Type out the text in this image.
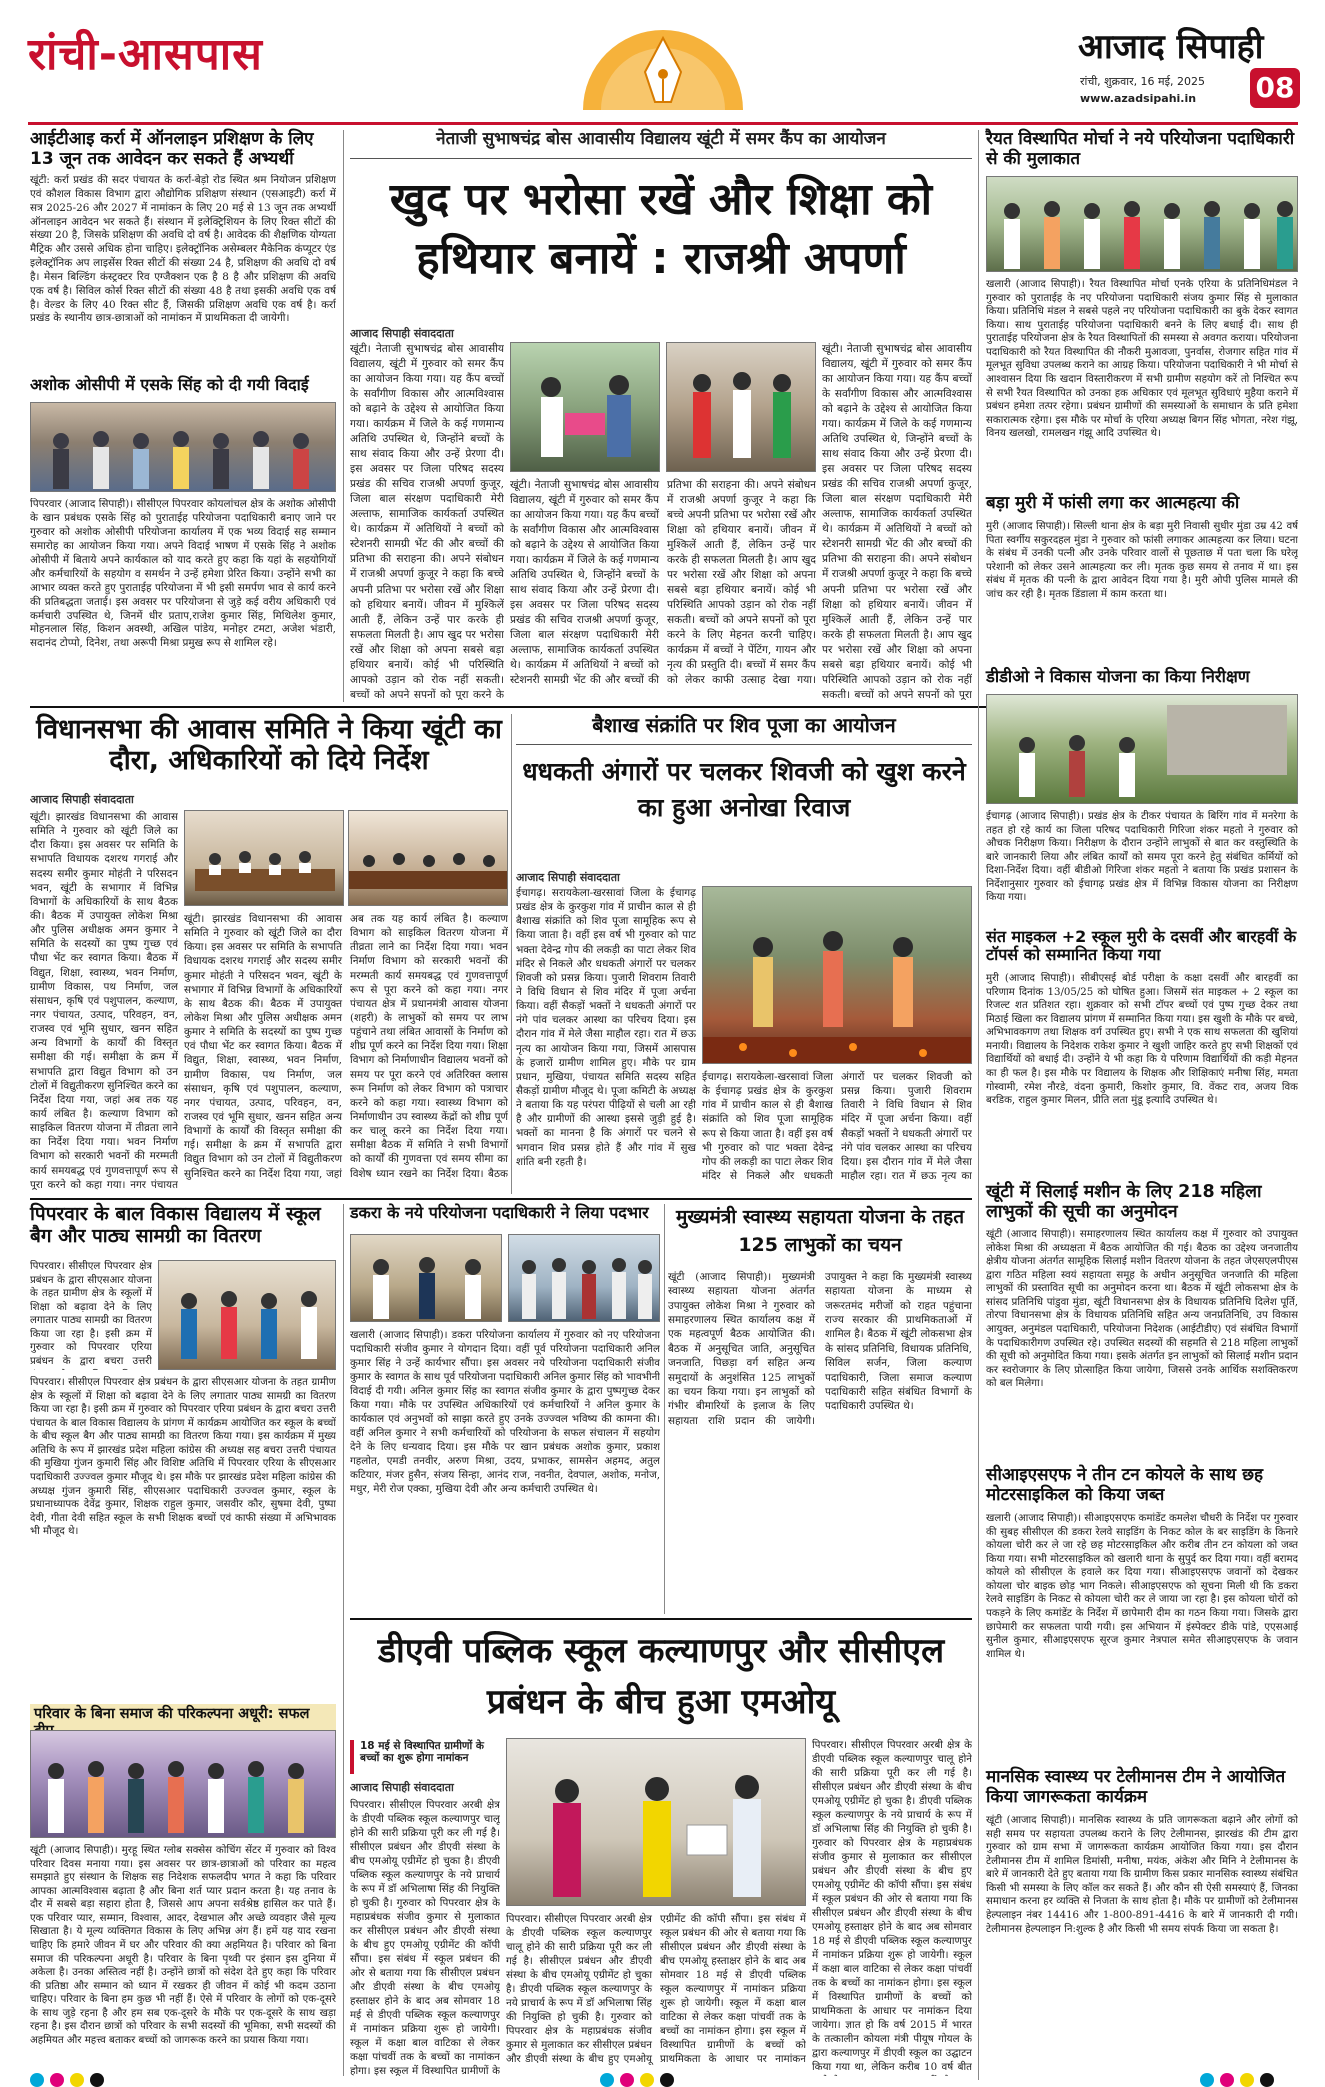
रांची-आसपास	आजाद सिपाही
रांची, शुक्रवार, 16 मई, 2025
www.azadsipahi.in 08
आईटीआइ कर्रा में ऑनलाइन प्रशिक्षण के लिए 13 जून तक आवेदन कर सकते हैं अभ्यर्थी
खूंटी: कर्रा प्रखंड की सदर पंचायत के कर्रा-बेड़ो रोड स्थित श्रम नियोजन प्रशिक्षण एवं कौशल विकास विभाग द्वारा औद्योगिक प्रशिक्षण संस्थान (एसआइटी) कर्रा में सत्र 2025-26 और 2027 में नामांकन के लिए 20 मई से 13 जून तक अभ्यर्थी ऑनलाइन आवेदन भर सकते हैं। संस्थान में इलेक्ट्रिशियन के लिए रिक्त सीटों की संख्या 20 है, जिसके प्रशिक्षण की अवधि दो वर्ष है। आवेदक की शैक्षणिक योग्यता मैट्रिक और उससे अधिक होना चाहिए। इलेक्ट्रॉनिक असेम्बलर मैकेनिक कंप्यूटर एंड इलेक्ट्रॉनिक अप लाइसेंस रिक्त सीटों की संख्या 24 है, प्रशिक्षण की अवधि दो वर्ष है। मेसन बिल्डिंग कंस्ट्रक्टर रिव एग्जैक्शन एक है 8 है और प्रशिक्षण की अवधि एक वर्ष है। सिविल कोर्स रिक्त सीटों की संख्या 48 है तथा इसकी अवधि एक वर्ष है। वेल्डर के लिए 40 रिक्त सीट हैं, जिसकी प्रशिक्षण अवधि एक वर्ष है। कर्रा प्रखंड के स्थानीय छात्र-छात्राओं को नामांकन में प्राथमिकता दी जायेगी।
अशोक ओसीपी में एसके सिंह को दी गयी विदाई
पिपरवार (आजाद सिपाही)। सीसीएल पिपरवार कोयलांचल क्षेत्र के अशोक ओसीपी के खान प्रबंधक एसके सिंह को पुराताईह परियोजना पदाधिकारी बनाए जाने पर गुरुवार को अशोक ओसीपी परियोजना कार्यालय में एक भव्य विदाई सह सम्मान समारोह का आयोजन किया गया। अपने विदाई भाषण में एसके सिंह ने अशोक ओसीपी में बिताये अपने कार्यकाल को याद करते हुए कहा कि यहां के सहयोगियों और कर्मचारियों के सहयोग व समर्थन ने उन्हें हमेशा प्रेरित किया। उन्होंने सभी का आभार व्यक्त करते हुए पुराताईह परियोजना में भी इसी समर्पण भाव से कार्य करने की प्रतिबद्धता जताई। इस अवसर पर परियोजना से जुड़े कई वरीय अधिकारी एवं कर्मचारी उपस्थित थे, जिनमें धीर प्रताप,राजेश कुमार सिंह, मिथिलेश कुमार, मोहनलाल सिंह, किशन अवस्थी, अखिल पांडेय, मनोहर टमटा, अजेश भंडारी, सदानंद टोप्पो, दिनेश, तथा अरूपी मिश्रा प्रमुख रूप से शामिल रहे।
विधानसभा की आवास समिति ने किया खूंटी का दौरा, अधिकारियों को दिये निर्देश
आजाद सिपाही संवाददाता
खूंटी। झारखंड विधानसभा की आवास समिति ने गुरुवार को खूंटी जिले का दौरा किया। इस अवसर पर समिति के सभापति विधायक दशरथ गगराई और सदस्य समीर कुमार मोहंती ने परिसदन भवन, खूंटी के सभागार में विभिन्न विभागों के अधिकारियों के साथ बैठक की। बैठक में उपायुक्त लोकेश मिश्रा और पुलिस अधीक्षक अमन कुमार ने समिति के सदस्यों का पुष्प गुच्छ एवं पौधा भेंट कर स्वागत किया। बैठक में विद्युत, शिक्षा, स्वास्थ्य, भवन निर्माण, ग्रामीण विकास, पथ निर्माण, जल संसाधन, कृषि एवं पशुपालन, कल्याण, नगर पंचायत, उत्पाद, परिवहन, वन, राजस्व एवं भूमि सुधार, खनन सहित अन्य विभागों के कार्यों की विस्तृत समीक्षा की गई। समीक्षा के क्रम में सभापति द्वारा विद्युत विभाग को उन टोलों में विद्युतीकरण सुनिश्चित करने का निर्देश दिया गया, जहां अब तक यह कार्य लंबित है। कल्याण विभाग को साइकिल वितरण योजना में तीव्रता लाने का निर्देश दिया गया। भवन निर्माण विभाग को सरकारी भवनों की मरम्मती कार्य समयबद्ध एवं गुणवत्तापूर्ण रूप से पूरा करने को कहा गया। नगर पंचायत
खूंटी। झारखंड विधानसभा की आवास समिति ने गुरुवार को खूंटी जिले का दौरा किया। इस अवसर पर समिति के सभापति विधायक दशरथ गगराई और सदस्य समीर कुमार मोहंती ने परिसदन भवन, खूंटी के सभागार में विभिन्न विभागों के अधिकारियों के साथ बैठक की। बैठक में उपायुक्त लोकेश मिश्रा और पुलिस अधीक्षक अमन कुमार ने समिति के सदस्यों का पुष्प गुच्छ एवं पौधा भेंट कर स्वागत किया। बैठक में विद्युत, शिक्षा, स्वास्थ्य, भवन निर्माण, ग्रामीण विकास, पथ निर्माण, जल संसाधन, कृषि एवं पशुपालन, कल्याण, नगर पंचायत, उत्पाद, परिवहन, वन, राजस्व एवं भूमि सुधार, खनन सहित अन्य विभागों के कार्यों की विस्तृत समीक्षा की गई। समीक्षा के क्रम में सभापति द्वारा विद्युत विभाग को उन टोलों में विद्युतीकरण सुनिश्चित करने का निर्देश दिया गया, जहां अब तक यह कार्य लंबित है। कल्याण विभाग को साइकिल वितरण योजना में तीव्रता लाने का निर्देश दिया गया। भवन निर्माण विभाग को सरकारी भवनों की मरम्मती कार्य समयबद्ध एवं गुणवत्तापूर्ण रूप से पूरा करने को कहा गया। नगर पंचायत क्षेत्र में प्रधानमंत्री आवास योजना (शहरी) के लाभुकों को समय पर लाभ पहुंचाने तथा लंबित आवासों के निर्माण को शीघ्र पूर्ण करने का निर्देश दिया गया। शिक्षा विभाग को निर्माणाधीन विद्यालय भवनों को समय पर पूरा करने एवं अतिरिक्त क्लास रूम निर्माण को लेकर विभाग को पत्राचार करने को कहा गया। स्वास्थ्य विभाग को निर्माणाधीन उप स्वास्थ्य केंद्रों को शीघ्र पूर्ण कर चालू करने का निर्देश दिया गया। समीक्षा बैठक में समिति ने सभी विभागों को कार्यों की गुणवत्ता एवं समय सीमा का विशेष ध्यान रखने का निर्देश दिया। बैठक
नेताजी सुभाषचंद्र बोस आवासीय विद्यालय खूंटी में समर कैंप का आयोजन
खुद पर भरोसा रखें और शिक्षा को हथियार बनायें : राजश्री अपर्णा
आजाद सिपाही संवाददाता
खूंटी। नेताजी सुभाषचंद्र बोस आवासीय विद्यालय, खूंटी में गुरुवार को समर कैंप का आयोजन किया गया। यह कैंप बच्चों के सर्वांगीण विकास और आत्मविश्वास को बढ़ाने के उद्देश्य से आयोजित किया गया। कार्यक्रम में जिले के कई गणमान्य अतिथि उपस्थित थे, जिन्होंने बच्चों के साथ संवाद किया और उन्हें प्रेरणा दी। इस अवसर पर जिला परिषद सदस्य प्रखंड की सचिव राजश्री अपर्णा कुजूर, जिला बाल संरक्षण पदाधिकारी मेरी अल्ताफ, सामाजिक कार्यकर्ता उपस्थित थे। कार्यक्रम में अतिथियों ने बच्चों को स्टेशनरी सामग्री भेंट की और बच्चों की प्रतिभा की सराहना की। अपने संबोधन में राजश्री अपर्णा कुजूर ने कहा कि बच्चे अपनी प्रतिभा पर भरोसा रखें और शिक्षा को हथियार बनायें। जीवन में मुश्किलें आती हैं, लेकिन उन्हें पार करके ही सफलता मिलती है। आप खुद पर भरोसा रखें और शिक्षा को अपना सबसे बड़ा हथियार बनायें। कोई भी परिस्थिति आपको उड़ान को रोक नहीं सकती। बच्चों को अपने सपनों को पूरा करने के
खूंटी। नेताजी सुभाषचंद्र बोस आवासीय विद्यालय, खूंटी में गुरुवार को समर कैंप का आयोजन किया गया। यह कैंप बच्चों के सर्वांगीण विकास और आत्मविश्वास को बढ़ाने के उद्देश्य से आयोजित किया गया। कार्यक्रम में जिले के कई गणमान्य अतिथि उपस्थित थे, जिन्होंने बच्चों के साथ संवाद किया और उन्हें प्रेरणा दी। इस अवसर पर जिला परिषद सदस्य प्रखंड की सचिव राजश्री अपर्णा कुजूर, जिला बाल संरक्षण पदाधिकारी मेरी अल्ताफ, सामाजिक कार्यकर्ता उपस्थित थे। कार्यक्रम में अतिथियों ने बच्चों को स्टेशनरी सामग्री भेंट की और बच्चों की प्रतिभा की सराहना की। अपने संबोधन में राजश्री अपर्णा कुजूर ने कहा कि बच्चे अपनी प्रतिभा पर भरोसा रखें और शिक्षा को हथियार बनायें। जीवन में मुश्किलें आती हैं, लेकिन उन्हें पार करके ही सफलता मिलती है। आप खुद पर भरोसा रखें और शिक्षा को अपना सबसे बड़ा हथियार बनायें। कोई भी परिस्थिति आपको उड़ान को रोक नहीं सकती। बच्चों को अपने सपनों को पूरा करने के लिए मेहनत करनी चाहिए। कार्यक्रम में बच्चों ने पेंटिंग, गायन और नृत्य की प्रस्तुति दी। बच्चों में समर कैंप को लेकर काफी उत्साह देखा गया।
खूंटी। नेताजी सुभाषचंद्र बोस आवासीय विद्यालय, खूंटी में गुरुवार को समर कैंप का आयोजन किया गया। यह कैंप बच्चों के सर्वांगीण विकास और आत्मविश्वास को बढ़ाने के उद्देश्य से आयोजित किया गया। कार्यक्रम में जिले के कई गणमान्य अतिथि उपस्थित थे, जिन्होंने बच्चों के साथ संवाद किया और उन्हें प्रेरणा दी। इस अवसर पर जिला परिषद सदस्य प्रखंड की सचिव राजश्री अपर्णा कुजूर, जिला बाल संरक्षण पदाधिकारी मेरी अल्ताफ, सामाजिक कार्यकर्ता उपस्थित थे। कार्यक्रम में अतिथियों ने बच्चों को स्टेशनरी सामग्री भेंट की और बच्चों की प्रतिभा की सराहना की। अपने संबोधन में राजश्री अपर्णा कुजूर ने कहा कि बच्चे अपनी प्रतिभा पर भरोसा रखें और शिक्षा को हथियार बनायें। जीवन में मुश्किलें आती हैं, लेकिन उन्हें पार करके ही सफलता मिलती है। आप खुद पर भरोसा रखें और शिक्षा को अपना सबसे बड़ा हथियार बनायें। कोई भी परिस्थिति आपको उड़ान को रोक नहीं सकती। बच्चों को अपने सपनों को पूरा
बैशाख संक्रांति पर शिव पूजा का आयोजन
धधकती अंगारों पर चलकर शिवजी को खुश करने का हुआ अनोखा रिवाज
आजाद सिपाही संवाददाता
ईचागढ़। सरायकेला-खरसावां जिला के ईचागढ़ प्रखंड क्षेत्र के कुरकुश गांव में प्राचीन काल से ही बैशाख संक्रांति को शिव पूजा सामूहिक रूप से किया जाता है। वहीं इस वर्ष भी गुरुवार को पाट भक्ता देवेन्द्र गोप की लकड़ी का पाटा लेकर शिव मंदिर से निकले और धधकती अंगारों पर चलकर शिवजी को प्रसन्न किया। पुजारी शिवराम तिवारी ने विधि विधान से शिव मंदिर में पूजा अर्चना किया। वहीं सैकड़ों भक्तों ने धधकती अंगारों पर नंगे पांव चलकर आस्था का परिचय दिया। इस दौरान गांव में मेले जैसा माहौल रहा। रात में छऊ नृत्य का आयोजन किया गया, जिसमें आसपास के हजारों ग्रामीण शामिल हुए। मौके पर ग्राम प्रधान, मुखिया, पंचायत समिति सदस्य सहित सैकड़ों ग्रामीण मौजूद थे। पूजा कमिटी के अध्यक्ष ने बताया कि यह परंपरा पीढ़ियों से चली आ रही है और ग्रामीणों की आस्था इससे जुड़ी हुई है। भक्तों का मानना है कि अंगारों पर चलने से भगवान शिव प्रसन्न होते हैं और गांव में सुख शांति बनी रहती है।
ईचागढ़। सरायकेला-खरसावां जिला के ईचागढ़ प्रखंड क्षेत्र के कुरकुश गांव में प्राचीन काल से ही बैशाख संक्रांति को शिव पूजा सामूहिक रूप से किया जाता है। वहीं इस वर्ष भी गुरुवार को पाट भक्ता देवेन्द्र गोप की लकड़ी का पाटा लेकर शिव मंदिर से निकले और धधकती अंगारों पर चलकर शिवजी को प्रसन्न किया। पुजारी शिवराम तिवारी ने विधि विधान से शिव मंदिर में पूजा अर्चना किया। वहीं सैकड़ों भक्तों ने धधकती अंगारों पर नंगे पांव चलकर आस्था का परिचय दिया। इस दौरान गांव में मेले जैसा माहौल रहा। रात में छऊ नृत्य का
पिपरवार के बाल विकास विद्यालय में स्कूल बैग और पाठ्य सामग्री का वितरण
पिपरवार। सीसीएल पिपरवार क्षेत्र प्रबंधन के द्वारा सीएसआर योजना के तहत ग्रामीण क्षेत्र के स्कूलों में शिक्षा को बढ़ावा देने के लिए लगातार पाठ्य सामग्री का वितरण किया जा रहा है। इसी क्रम में गुरुवार को पिपरवार एरिया प्रबंधन के द्वारा बचरा उत्तरी
पिपरवार। सीसीएल पिपरवार क्षेत्र प्रबंधन के द्वारा सीएसआर योजना के तहत ग्रामीण क्षेत्र के स्कूलों में शिक्षा को बढ़ावा देने के लिए लगातार पाठ्य सामग्री का वितरण किया जा रहा है। इसी क्रम में गुरुवार को पिपरवार एरिया प्रबंधन के द्वारा बचरा उत्तरी पंचायत के बाल विकास विद्यालय के प्रांगण में कार्यक्रम आयोजित कर स्कूल के बच्चों के बीच स्कूल बैग और पाठ्य सामग्री का वितरण किया गया। इस कार्यक्रम में मुख्य अतिथि के रूप में झारखंड प्रदेश महिला कांग्रेस की अध्यक्ष सह बचरा उत्तरी पंचायत की मुखिया गुंजन कुमारी सिंह और विशिष्ट अतिथि में पिपरवार एरिया के सीएसआर पदाधिकारी उज्ज्वल कुमार मौजूद थे। इस मौके पर झारखंड प्रदेश महिला कांग्रेस की अध्यक्ष गुंजन कुमारी सिंह, सीएसआर पदाधिकारी उज्ज्वल कुमार, स्कूल के प्रधानाध्यापक देवेंद्र कुमार, शिक्षक राहुल कुमार, जसवीर कौर, सुषमा देवी, पुष्पा देवी, गीता देवी सहित स्कूल के सभी शिक्षक बच्चों एवं काफी संख्या में अभिभावक भी मौजूद थे।
परिवार के बिना समाज की परिकल्पना अधूरी: सफल
खूंटी (आजाद सिपाही)। मुरहू स्थित ग्लोब सक्सेस कोचिंग सेंटर में गुरुवार को विश्व परिवार दिवस मनाया गया। इस अवसर पर छात्र-छात्राओं को परिवार का महत्व समझाते हुए संस्थान के शिक्षक सह निदेशक सफलदीप भगत ने कहा कि परिवार आपका आत्मविश्वास बढ़ाता है और बिना शर्त प्यार प्रदान करता है। यह तनाव के दौर में सबसे बड़ा सहारा होता है, जिससे आप अपना सर्वश्रेष्ठ हासिल कर पाते हैं। एक परिवार प्यार, सम्मान, विश्वास, आदर, देखभाल और अच्छे व्यवहार जैसे मूल्य सिखाता है। ये मूल्य व्यक्तिगत विकास के लिए अभिन्न अंग हैं। हमें यह याद रखना चाहिए कि हमारे जीवन में घर और परिवार की क्या अहमियत है। परिवार को बिना समाज की परिकल्पना अधूरी है। परिवार के बिना पृथ्वी पर इंसान इस दुनिया में अकेला है। उनका अस्तित्व नहीं है। उन्होंने छात्रों को संदेश देते हुए कहा कि परिवार की प्रतिष्ठा और सम्मान को ध्यान में रखकर ही जीवन में कोई भी कदम उठाना चाहिए। परिवार के बिना हम कुछ भी नहीं हैं। ऐसे में परिवार के लोगों को एक-दूसरे के साथ जुड़े रहना है और हम सब एक-दूसरे के मौके पर एक-दूसरे के साथ खड़ा रहना है। इस दौरान छात्रों को परिवार के सभी सदस्यों की भूमिका, सभी सदस्यों की अहमियत और महत्त्व बताकर बच्चों को जागरूक करने का प्रयास किया गया।
डकरा के नये परियोजना पदाधिकारी ने लिया पदभार
खलारी (आजाद सिपाही)। डकरा परियोजना कार्यालय में गुरुवार को नए परियोजना पदाधिकारी संजीव कुमार ने योगदान दिया। वहीं पूर्व परियोजना पदाधिकारी अनिल कुमार सिंह ने उन्हें कार्यभार सौंपा। इस अवसर नये परियोजना पदाधिकारी संजीव कुमार के स्वागत के साथ पूर्व परियोजना पदाधिकारी अनिल कुमार सिंह को भावभीनी विदाई दी गयी। अनिल कुमार सिंह का स्वागत संजीव कुमार के द्वारा पुष्पगुच्छ देकर किया गया। मौके पर उपस्थित अधिकारियों एवं कर्मचारियों ने अनिल कुमार के कार्यकाल एवं अनुभवों को साझा करते हुए उनके उज्ज्वल भविष्य की कामना की। वहीं अनिल कुमार ने सभी कर्मचारियों को परियोजना के सफल संचालन में सहयोग देने के लिए धन्यवाद दिया। इस मौके पर खान प्रबंधक अशोक कुमार, प्रकाश गहलोत, एमडी तनवीर, अरुण मिश्रा, उदय, प्रभाकर, सामसेन अहमद, अतुल कटियार, मंजर हुसैन, संजय सिन्हा, आनंद राज, नवनीत, देवपाल, अशोक, मनोज, मधुर, मेरी रोज एक्का, मुखिया देवी और अन्य कर्मचारी उपस्थित थे।
मुख्यमंत्री स्वास्थ्य सहायता योजना के तहत 125 लाभुकों का चयन
खूंटी (आजाद सिपाही)। मुख्यमंत्री स्वास्थ्य सहायता योजना अंतर्गत उपायुक्त लोकेश मिश्रा ने गुरुवार को समाहरणालय स्थित कार्यालय कक्ष में एक महत्वपूर्ण बैठक आयोजित की। बैठक में अनुसूचित जाति, अनुसूचित जनजाति, पिछड़ा वर्ग सहित अन्य समुदायों के अनुशंसित 125 लाभुकों का चयन किया गया। इन लाभुकों को गंभीर बीमारियों के इलाज के लिए सहायता राशि प्रदान की जायेगी। उपायुक्त ने कहा कि मुख्यमंत्री स्वास्थ्य सहायता योजना के माध्यम से जरूरतमंद मरीजों को राहत पहुंचाना राज्य सरकार की प्राथमिकताओं में शामिल है। बैठक में खूंटी लोकसभा क्षेत्र के सांसद प्रतिनिधि, विधायक प्रतिनिधि, सिविल सर्जन, जिला कल्याण पदाधिकारी, जिला समाज कल्याण पदाधिकारी सहित संबंधित विभागों के पदाधिकारी उपस्थित थे।
डीएवी पब्लिक स्कूल कल्याणपुर और सीसीएल प्रबंधन के बीच हुआ एमओयू
18 मई से विस्थापित ग्रामीणों के बच्चों का शुरू होगा नामांकन
आजाद सिपाही संवाददाता
पिपरवार। सीसीएल पिपरवार अरबी क्षेत्र के डीएवी पब्लिक स्कूल कल्याणपुर चालू होने की सारी प्रक्रिया पूरी कर ली गई है। सीसीएल प्रबंधन और डीएवी संस्था के बीच एमओयू एग्रीमेंट हो चुका है। डीएवी पब्लिक स्कूल कल्याणपुर के नये प्राचार्य के रूप में डॉ अभिलाषा सिंह की नियुक्ति हो चुकी है। गुरुवार को पिपरवार क्षेत्र के महाप्रबंधक संजीव कुमार से मुलाकात कर सीसीएल प्रबंधन और डीएवी संस्था के बीच हुए एमओयू एग्रीमेंट की कॉपी सौंपा। इस संबंध में स्कूल प्रबंधन की ओर से बताया गया कि सीसीएल प्रबंधन और डीएवी संस्था के बीच एमओयू हस्ताक्षर होने के बाद अब सोमवार 18 मई से डीएवी पब्लिक स्कूल कल्याणपुर में नामांकन प्रक्रिया शुरू हो जायेगी। स्कूल में कक्षा बाल वाटिका से लेकर कक्षा पांचवीं तक के बच्चों का नामांकन होगा। इस स्कूल में विस्थापित ग्रामीणों के
पिपरवार। सीसीएल पिपरवार अरबी क्षेत्र के डीएवी पब्लिक स्कूल कल्याणपुर चालू होने की सारी प्रक्रिया पूरी कर ली गई है। सीसीएल प्रबंधन और डीएवी संस्था के बीच एमओयू एग्रीमेंट हो चुका है। डीएवी पब्लिक स्कूल कल्याणपुर के नये प्राचार्य के रूप में डॉ अभिलाषा सिंह की नियुक्ति हो चुकी है। गुरुवार को पिपरवार क्षेत्र के महाप्रबंधक संजीव कुमार से मुलाकात कर सीसीएल प्रबंधन और डीएवी संस्था के बीच हुए एमओयू एग्रीमेंट की कॉपी सौंपा। इस संबंध में स्कूल प्रबंधन की ओर से बताया गया कि सीसीएल प्रबंधन और डीएवी संस्था के बीच एमओयू हस्ताक्षर होने के बाद अब सोमवार 18 मई से डीएवी पब्लिक स्कूल कल्याणपुर में नामांकन प्रक्रिया शुरू हो जायेगी। स्कूल में कक्षा बाल वाटिका से लेकर कक्षा पांचवीं तक के बच्चों का नामांकन होगा। इस स्कूल में विस्थापित ग्रामीणों के बच्चों को प्राथमिकता के आधार पर नामांकन
पिपरवार। सीसीएल पिपरवार अरबी क्षेत्र के डीएवी पब्लिक स्कूल कल्याणपुर चालू होने की सारी प्रक्रिया पूरी कर ली गई है। सीसीएल प्रबंधन और डीएवी संस्था के बीच एमओयू एग्रीमेंट हो चुका है। डीएवी पब्लिक स्कूल कल्याणपुर के नये प्राचार्य के रूप में डॉ अभिलाषा सिंह की नियुक्ति हो चुकी है। गुरुवार को पिपरवार क्षेत्र के महाप्रबंधक संजीव कुमार से मुलाकात कर सीसीएल प्रबंधन और डीएवी संस्था के बीच हुए एमओयू एग्रीमेंट की कॉपी सौंपा। इस संबंध में स्कूल प्रबंधन की ओर से बताया गया कि सीसीएल प्रबंधन और डीएवी संस्था के बीच एमओयू हस्ताक्षर होने के बाद अब सोमवार 18 मई से डीएवी पब्लिक स्कूल कल्याणपुर में नामांकन प्रक्रिया शुरू हो जायेगी। स्कूल में कक्षा बाल वाटिका से लेकर कक्षा पांचवीं तक के बच्चों का नामांकन होगा। इस स्कूल में विस्थापित ग्रामीणों के बच्चों को प्राथमिकता के आधार पर नामांकन दिया जायेगा। ज्ञात हो कि वर्ष 2015 में भारत के तत्कालीन कोयला मंत्री पीयूष गोयल के द्वारा कल्याणपुर में डीएवी स्कूल का उद्घाटन किया गया था, लेकिन करीब 10 वर्ष बीत
रैयत विस्थापित मोर्चा ने नये परियोजना पदाधिकारी से की मुलाकात
खलारी (आजाद सिपाही)। रैयत विस्थापित मोर्चा एनके एरिया के प्रतिनिधिमंडल ने गुरुवार को पुराताईह के नए परियोजना पदाधिकारी संजय कुमार सिंह से मुलाकात किया। प्रतिनिधि मंडल ने सबसे पहले नए परियोजना पदाधिकारी का बुके देकर स्वागत किया। साथ पुराताईह परियोजना पदाधिकारी बनने के लिए बधाई दी। साथ ही पुराताईह परियोजना क्षेत्र के रैयत विस्थापितों की समस्या से अवगत कराया। परियोजना पदाधिकारी को रैयत विस्थापित की नौकरी मुआवजा, पुनर्वास, रोजगार सहित गांव में मूलभूत सुविधा उपलब्ध कराने का आग्रह किया। परियोजना पदाधिकारी ने भी मोर्चा से आश्वासन दिया कि खदान विस्तारीकरण में सभी ग्रामीण सहयोग करें तो निश्चित रूप से सभी रैयत विस्थापित को उनका हक अधिकार एवं मूलभूत सुविधाएं मुहैया कराने में प्रबंधन हमेशा तत्पर रहेगा। प्रबंधन ग्रामीणों की समस्याओं के समाधान के प्रति हमेशा सकारात्मक रहेगा। इस मौके पर मोर्चा के एरिया अध्यक्ष बिगन सिंह भोगता, नरेश गंझू, विनय खलखो, रामलखन गंझू आदि उपस्थित थे।
बड़ा मुरी में फांसी लगा कर आत्महत्या की
मुरी (आजाद सिपाही)। सिल्ली थाना क्षेत्र के बड़ा मुरी निवासी सुधीर मुंडा उम्र 42 वर्ष पिता स्वर्गीय सकुरदहल मुंडा ने गुरुवार को फांसी लगाकर आत्महत्या कर लिया। घटना के संबंध में उनकी पत्नी और उनके परिवार वालों से पूछताछ में पता चला कि घरेलू परेशानी को लेकर उसने आत्महत्या कर ली। मृतक कुछ समय से तनाव में था। इस संबंध में मृतक की पत्नी के द्वारा आवेदन दिया गया है। मुरी ओपी पुलिस मामले की जांच कर रही है। मृतक डिंडाला में काम करता था।
डीडीओ ने विकास योजना का किया निरीक्षण
ईचागढ़ (आजाद सिपाही)। प्रखंड क्षेत्र के टीकर पंचायत के बिरिंग गांव में मनरेगा के तहत हो रहे कार्य का जिला परिषद पदाधिकारी गिरिजा शंकर महतो ने गुरुवार को औचक निरीक्षण किया। निरीक्षण के दौरान उन्होंने लाभुकों से बात कर वस्तुस्थिति के बारे जानकारी लिया और लंबित कार्यों को समय पूरा करने हेतु संबंधित कर्मियों को दिशा-निर्देश दिया। वहीं बीडीओ गिरिजा शंकर महतो ने बताया कि प्रखंड प्रशासन के निर्देशानुसार गुरुवार को ईचागढ़ प्रखंड क्षेत्र में विभिन्न विकास योजना का निरीक्षण किया गया।
संत माइकल +2 स्कूल मुरी के दसवीं और बारहवीं के टॉपर्स को सम्मानित किया गया
मुरी (आजाद सिपाही)। सीबीएसई बोर्ड परीक्षा के कक्षा दसवीं और बारहवीं का परिणाम दिनांक 13/05/25 को घोषित हुआ। जिसमें संत माइकल + 2 स्कूल का रिजल्ट शत प्रतिशत रहा। शुक्रवार को सभी टॉपर बच्चों एवं पुष्प गुच्छ देकर तथा मिठाई खिला कर विद्यालय प्रांगण में सम्मानित किया गया। इस खुशी के मौके पर बच्चे, अभिभावकगण तथा शिक्षक वर्ग उपस्थित हुए। सभी ने एक साथ सफलता की खुशियां मनायी। विद्यालय के निदेशक राकेश कुमार ने खुशी जाहिर करते हुए सभी शिक्षकों एवं विद्यार्थियों को बधाई दी। उन्होंने ये भी कहा कि ये परिणाम विद्यार्थियों की कड़ी मेहनत का ही फल है। इस मौके पर विद्यालय के शिक्षक और शिक्षिकाएं मनीषा सिंह, ममता गोस्वामी, रमेश नौरडे, वंदना कुमारी, किशोर कुमार, वि. वेंकट राव, अजय विक बरडिक, राहुल कुमार मिलन, प्रीति लता मुंडू इत्यादि उपस्थित थे।
खूंटी में सिलाई मशीन के लिए 218 महिला लाभुकों की सूची का अनुमोदन
खूंटी (आजाद सिपाही)। समाहरणालय स्थित कार्यालय कक्ष में गुरुवार को उपायुक्त लोकेश मिश्रा की अध्यक्षता में बैठक आयोजित की गई। बैठक का उद्देश्य जनजातीय क्षेत्रीय योजना अंतर्गत सामूहिक सिलाई मशीन वितरण योजना के तहत जेएसएलपीएस द्वारा गठित महिला स्वयं सहायता समूह के अधीन अनुसूचित जनजाति की महिला लाभुकों की प्रस्तावित सूची का अनुमोदन करना था। बैठक में खूंटी लोकसभा क्षेत्र के सांसद प्रतिनिधि पांडुवा मुंडा, खूंटी विधानसभा क्षेत्र के विधायक प्रतिनिधि दिलेश पूर्ति, तोरपा विधानसभा क्षेत्र के विधायक प्रतिनिधि सहित अन्य जनप्रतिनिधि, उप विकास आयुक्त, अनुमंडल पदाधिकारी, परियोजना निदेशक (आईटीडीए) एवं संबंधित विभागों के पदाधिकारीगण उपस्थित रहे। उपस्थित सदस्यों की सहमति से 218 महिला लाभुकों की सूची को अनुमोदित किया गया। इसके अंतर्गत इन लाभुकों को सिलाई मशीन प्रदान कर स्वरोजगार के लिए प्रोत्साहित किया जायेगा, जिससे उनके आर्थिक सशक्तिकरण को बल मिलेगा।
सीआइएसएफ ने तीन टन कोयले के साथ छह मोटरसाइकिल को किया जब्त
खलारी (आजाद सिपाही)। सीआइएसएफ कमांडेंट कमलेश चौधरी के निर्देश पर गुरुवार की सुबह सीसीएल की डकरा रेलवे साइडिंग के निकट कोल के बर साइडिंग के किनारे कोयला चोरी कर ले जा रहे छह मोटरसाइकिल और करीब तीन टन कोयला को जब्त किया गया। सभी मोटरसाइकिल को खलारी थाना के सुपुर्द कर दिया गया। वहीं बरामद कोयले को सीसीएल के हवाले कर दिया गया। सीआइएसएफ जवानों को देखकर कोयला चोर बाइक छोड़ भाग निकले। सीआइएसएफ को सूचना मिली थी कि डकरा रेलवे साइडिंग के निकट से कोयला चोरी कर ले जाया जा रहा है। इस कोयला चोरों को पकड़ने के लिए कमांडेंट के निर्देश में छापेमारी दीम का गठन किया गया। जिसके द्वारा छापेमारी कर सफलता पायी गयी। इस अभियान में इंस्पेक्टर डीके पांडे, एएसआई सुनील कुमार, सीआइएसएफ सूरज कुमार नेत्रपाल समेत सीआइएसएफ के जवान शामिल थे।
मानसिक स्वास्थ्य पर टेलीमानस टीम ने आयोजित किया जागरूकता कार्यक्रम
खूंटी (आजाद सिपाही)। मानसिक स्वास्थ्य के प्रति जागरूकता बढ़ाने और लोगों को सही समय पर सहायता उपलब्ध कराने के लिए टेलीमानस, झारखंड की टीम द्वारा गुरुवार को ग्राम सभा में जागरूकता कार्यक्रम आयोजित किया गया। इस दौरान टेलीमानस टीम में शामिल डिमांसी, मनीषा, मयंक, अंकेश और मिनि ने टेलीमानस के बारे में जानकारी देते हुए बताया गया कि ग्रामीण किस प्रकार मानसिक स्वास्थ्य संबंधित किसी भी समस्या के लिए कॉल कर सकते हैं। और कौन सी ऐसी समस्याएं हैं, जिनका समाधान करना हर व्यक्ति से निजता के साथ होता है। मौके पर ग्रामीणों को टेलीमानस हेल्पलाइन नंबर 14416 और 1-800-891-4416 के बारे में जानकारी दी गयी। टेलीमानस हेल्पलाइन नि:शुल्क है और किसी भी समय संपर्क किया जा सकता है।
